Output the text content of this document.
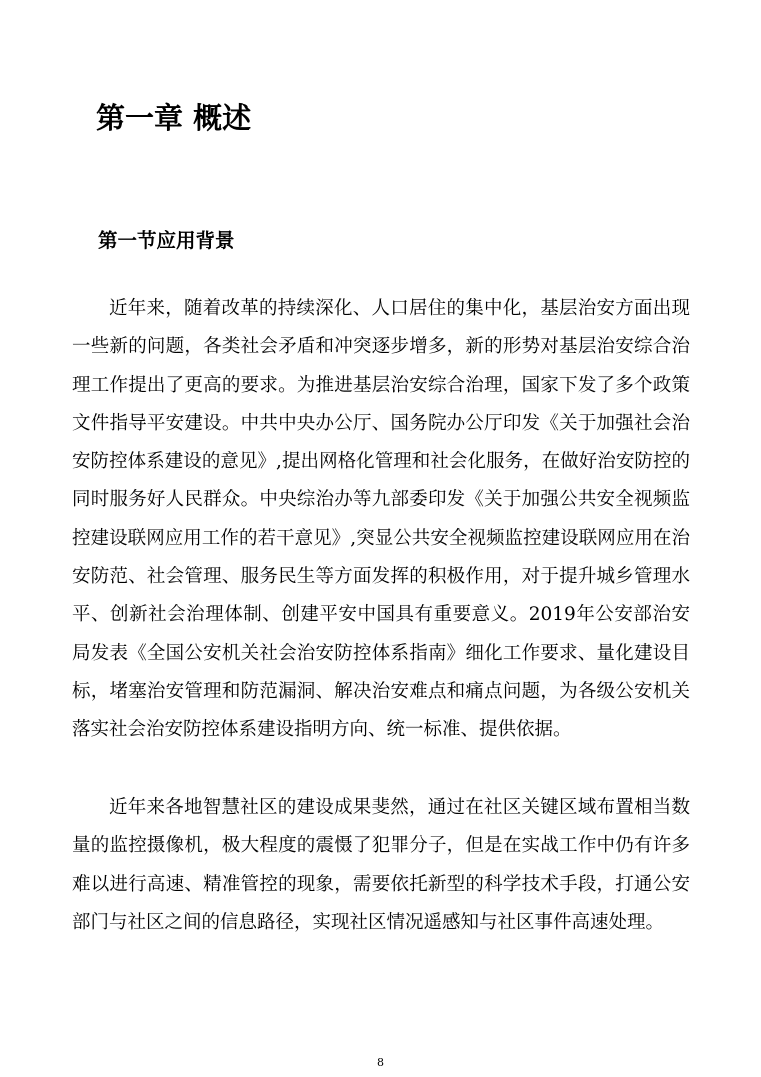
第一章 概述
第一节应用背景

近年来，随着改革的持续深化、人口居住的集中化，基层治安方面出现一些新的问题，各类社会矛盾和冲突逐步增多，新的形势对基层治安综合治理工作提出了更高的要求。为推进基层治安综合治理，国家下发了多个政策文件指导平安建设。中共中央办公厅、国务院办公厅印发《关于加强社会治安防控体系建设的意见》,提出网格化管理和社会化服务，在做好治安防控的同时服务好人民群众。中央综治办等九部委印发《关于加强公共安全视频监控建设联网应用工作的若干意见》,突显公共安全视频监控建设联网应用在治安防范、社会管理、服务民生等方面发挥的积极作用，对于提升城乡管理水平、创新社会治理体制、创建平安中国具有重要意义。2019年公安部治安局发表《全国公安机关社会治安防控体系指南》细化工作要求、量化建设目标，堵塞治安管理和防范漏洞、解决治安难点和痛点问题，为各级公安机关落实社会治安防控体系建设指明方向、统一标准、提供依据。

近年来各地智慧社区的建设成果斐然，通过在社区关键区域布置相当数量的监控摄像机，极大程度的震慑了犯罪分子，但是在实战工作中仍有许多难以进行高速、精准管控的现象，需要依托新型的科学技术手段，打通公安部门与社区之间的信息路径，实现社区情况遥感知与社区事件高速处理。

8
